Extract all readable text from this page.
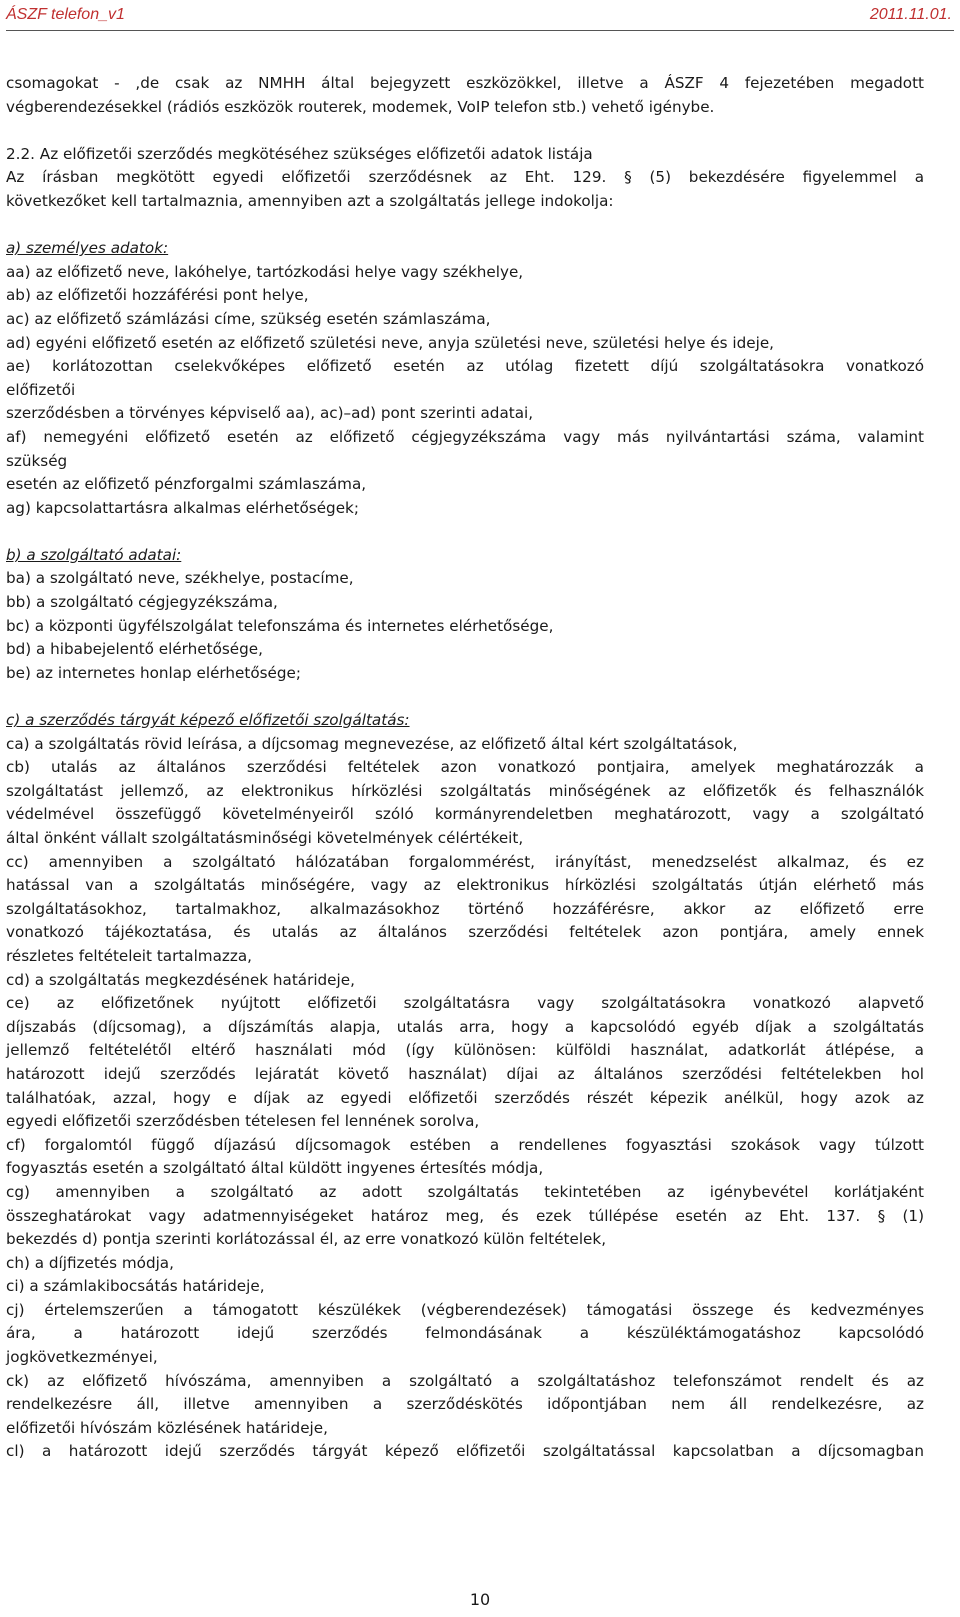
ÁSZF telefon_v1	2011.11.01.
csomagokat - ,de csak az NMHH által bejegyzett eszközökkel, illetve a ÁSZF 4 fejezetében megadott
végberendezésekkel (rádiós eszközök routerek, modemek, VoIP telefon stb.) vehető igénybe.
2.2. Az előfizetői szerződés megkötéséhez szükséges előfizetői adatok listája
Az írásban megkötött egyedi előfizetői szerződésnek az Eht. 129. § (5) bekezdésére figyelemmel a
következőket kell tartalmaznia, amennyiben azt a szolgáltatás jellege indokolja:
a) személyes adatok:
aa) az előfizető neve, lakóhelye, tartózkodási helye vagy székhelye,
ab) az előfizetői hozzáférési pont helye,
ac) az előfizető számlázási címe, szükség esetén számlaszáma,
ad) egyéni előfizető esetén az előfizető születési neve, anyja születési neve, születési helye és ideje,
ae) korlátozottan cselekvőképes előfizető esetén az utólag fizetett díjú szolgáltatásokra vonatkozó
előfizetői
szerződésben a törvényes képviselő aa), ac)–ad) pont szerinti adatai,
af) nemegyéni előfizető esetén az előfizető cégjegyzékszáma vagy más nyilvántartási száma, valamint
szükség
esetén az előfizető pénzforgalmi számlaszáma,
ag) kapcsolattartásra alkalmas elérhetőségek;
b) a szolgáltató adatai:
ba) a szolgáltató neve, székhelye, postacíme,
bb) a szolgáltató cégjegyzékszáma,
bc) a központi ügyfélszolgálat telefonszáma és internetes elérhetősége,
bd) a hibabejelentő elérhetősége,
be) az internetes honlap elérhetősége;
c) a szerződés tárgyát képező előfizetői szolgáltatás:
ca) a szolgáltatás rövid leírása, a díjcsomag megnevezése, az előfizető által kért szolgáltatások,
cb) utalás az általános szerződési feltételek azon vonatkozó pontjaira, amelyek meghatározzák a
szolgáltatást jellemző, az elektronikus hírközlési szolgáltatás minőségének az előfizetők és felhasználók
védelmével összefüggő követelményeiről szóló kormányrendeletben meghatározott, vagy a szolgáltató
által önként vállalt szolgáltatásminőségi követelmények célértékeit,
cc) amennyiben a szolgáltató hálózatában forgalommérést, irányítást, menedzselést alkalmaz, és ez
hatással van a szolgáltatás minőségére, vagy az elektronikus hírközlési szolgáltatás útján elérhető más
szolgáltatásokhoz, tartalmakhoz, alkalmazásokhoz történő hozzáférésre, akkor az előfizető erre
vonatkozó tájékoztatása, és utalás az általános szerződési feltételek azon pontjára, amely ennek
részletes feltételeit tartalmazza,
cd) a szolgáltatás megkezdésének határideje,
ce) az előfizetőnek nyújtott előfizetői szolgáltatásra vagy szolgáltatásokra vonatkozó alapvető
díjszabás (díjcsomag), a díjszámítás alapja, utalás arra, hogy a kapcsolódó egyéb díjak a szolgáltatás
jellemző feltételétől eltérő használati mód (így különösen: külföldi használat, adatkorlát átlépése, a
határozott idejű szerződés lejáratát követő használat) díjai az általános szerződési feltételekben hol
találhatóak, azzal, hogy e díjak az egyedi előfizetői szerződés részét képezik anélkül, hogy azok az
egyedi előfizetői szerződésben tételesen fel lennének sorolva,
cf) forgalomtól függő díjazású díjcsomagok estében a rendellenes fogyasztási szokások vagy túlzott
fogyasztás esetén a szolgáltató által küldött ingyenes értesítés módja,
cg) amennyiben a szolgáltató az adott szolgáltatás tekintetében az igénybevétel korlátjaként
összeghatárokat vagy adatmennyiségeket határoz meg, és ezek túllépése esetén az Eht. 137. § (1)
bekezdés d) pontja szerinti korlátozással él, az erre vonatkozó külön feltételek,
ch) a díjfizetés módja,
ci) a számlakibocsátás határideje,
cj) értelemszerűen a támogatott készülékek (végberendezések) támogatási összege és kedvezményes
ára, a határozott idejű szerződés felmondásának a készüléktámogatáshoz kapcsolódó
jogkövetkezményei,
ck) az előfizető hívószáma, amennyiben a szolgáltató a szolgáltatáshoz telefonszámot rendelt és az
rendelkezésre áll, illetve amennyiben a szerződéskötés időpontjában nem áll rendelkezésre, az
előfizetői hívószám közlésének határideje,
cl) a határozott idejű szerződés tárgyát képező előfizetői szolgáltatással kapcsolatban a díjcsomagban
10
